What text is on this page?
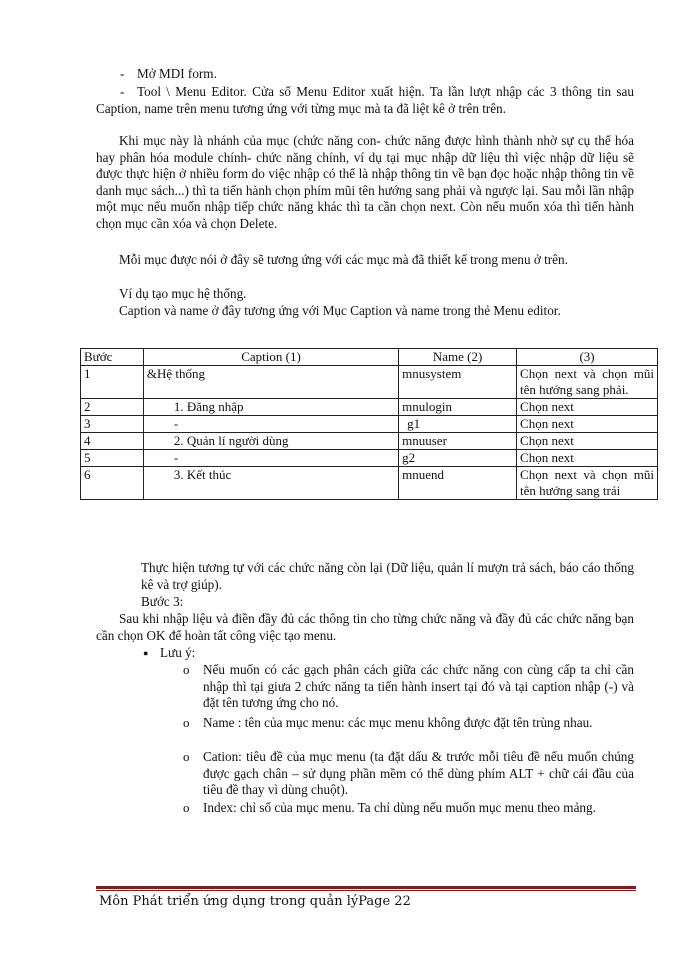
- Mở MDI form.

- Tool \ Menu Editor. Cửa sổ Menu Editor xuất hiện. Ta lần lượt nhập các 3 thông tin sau Caption, name trên menu tương ứng với từng mục mà ta đã liệt kê ở trên trên.

Khi mục này là nhánh của mục (chức năng con- chức năng được hình thành nhờ sự cụ thể hóa hay phân hóa module chính- chức năng chính, ví dụ tại mục nhập dữ liệu thì việc nhập dữ liệu sẽ được thực hiện ở nhiều form do việc nhập có thể là nhập thông tin về bạn đọc hoặc nhập thông tin về danh mục sách...) thì ta tiến hành chọn phím mũi tên hướng sang phải và ngược lại. Sau mỗi lần nhập một mục nếu muốn nhập tiếp chức năng khác thì ta cần chọn next. Còn nếu muốn xóa thì tiến hành chọn mục cần xóa và chọn Delete.

Mỗi mục được nói ở đây sẽ tương ứng với các mục mà đã thiết kế trong menu ở trên.

Ví dụ tạo mục hệ thống.

Caption và name ở đây tương ứng với Mục Caption và name trong thẻ Menu editor.

Bước	Caption (1)	Name (2)	(3)
1	&Hệ thống	mnusystem	Chọn next và chọn mũi tên hướng sang phải.
2	1. Đăng nhập	mnulogin	Chọn next
3	-	g1	Chọn next
4	2. Quản lí người dùng	mnuuser	Chọn next
5	-	g2	Chọn next
6	3. Kết thúc	mnuend	Chọn next và chọn mũi tên hướng sang trái

Thực hiện tương tự với các chức năng còn lại (Dữ liệu, quản lí mượn trả sách, báo cáo thống kê và trợ giúp).

Bước 3:

Sau khi nhập liệu và điền đầy đủ các thông tin cho từng chức năng và đầy đủ các chức năng bạn cần chọn OK để hoàn tất công việc tạo menu.

● Lưu ý:

o Nếu muốn có các gạch phân cách giữa các chức năng con cùng cấp ta chỉ cần nhập thì tại giưa 2 chức năng ta tiến hành insert tại đó và tại caption nhập (-) và đặt tên tương ứng cho nó.

o Name : tên của mục menu: các mục menu không được đặt tên trùng nhau.

o Cation: tiêu đề của mục menu (ta đặt dấu & trước mỗi tiêu đề nếu muốn chúng được gạch chân – sử dụng phần mềm có thể dùng phím ALT + chữ cái đầu của tiêu đề thay vì dùng chuột).

o Index: chỉ số của mục menu. Ta chỉ dùng nếu muốn mục menu theo mảng.

Môn Phát triển ứng dụng trong quản lýPage 22
